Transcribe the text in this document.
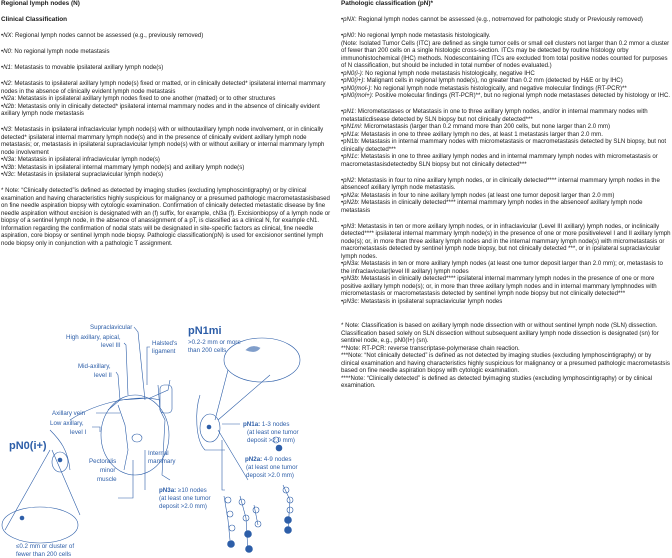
Regional lymph nodes (N)

Clinical Classification

•NX: Regional lymph nodes cannot be assessed (e.g., previously removed)

•N0: No regional lymph node metastasis

•N1: Metastasis to movable ipsilateral axillary lymph node(s)

•N2: Metastasis to ipsilateral axillary lymph node(s) fixed or matted, or in clinically detected* ipsilateral internal mammary nodes in the absence of clinically evident lymph node metastasis

•N2a: Metastasis in ipsilateral axillary lymph nodes fixed to one another (matted) or to other structures

•N2b: Metastasis only in clinically detected* ipsilateral internal mammary nodes and in the absence of clinically evident axillary lymph node metastasis

•N3: Metastasis in ipsilateral infraclavicular lymph node(s) with or withoutaxillary lymph node involvement, or in clinically detected* ipsilateral internal mammary lymph node(s) and in the presence of clinically evident axillary lymph node metastasis; or, metastasis in ipsilateral supraclavicular lymph node(s) with or without axillary or internal mammary lymph node involvement

•N3a: Metastasis in ipsilateral infraclavicular lymph node(s)

•N3b: Metastasis in ipsilateral internal mammary lymph node(s) and axillary lymph node(s)

•N3c: Metastasis in ipsilateral supraclavicular lymph node(s)

* Note: “Clinically detected”is defined as detected by imaging studies (excluding lymphoscintigraphy) or by clinical examination and having characteristics highly suspicious for malignancy or a presumed pathologic macrometastasisbased on fine needle aspiration biopsy with cytologic examination. Confirmation of clinically detected metastatic disease by fine needle aspiration without excision is designated with an (f) suffix, for example, cN3a (f). Excisionbiopsy of a lymph node or biopsy of a sentinel lymph node, in the absence of anassignment of a pT, is classified as a clinical N, for example cN1. Information regarding the confirmation of nodal stats will be designated in site-specific factors as clinical, fine needle aspiration, core biopsy or sentinel lymph node biopsy. Pathologic classification(pN) is used for excisionor sentinel lymph node biopsy only in conjunction with a pathologic T assignment.

Supraclavicular
High axillary, apical,
level III	Halsted's
ligament
Mid-axillary,
level II
Axillary vein
Low axillary,
level I
Internal
mammary
Pectoralis
minor
muscle
pN1mi
>0.2-2 mm or more
than 200 cells
pN0(i+)
≤0.2 mm or cluster of
fewer than 200 cells
pN1a: 1-3 nodes
(at least one tumor
deposit >2.0 mm)
pN2a: 4-9 nodes
(at least one tumor
deposit >2.0 mm)
pN3a: ≥10 nodes
(at least one tumor
deposit >2.0 mm)

Pathologic classification (pN)*

•pNX: Regional lymph nodes cannot be assessed (e.g., notremoved for pathologic study or Previously removed)

•pN0: No regional lymph node metastasis histologically.

(Note: Isolated Tumor Cells (ITC) are defined as single tumor cells or small cell clusters not larger than 0.2 mmor a cluster of fewer than 200 cells on a single histologic cross-section. ITCs may be detected by routine histology orby immunohistochemical (IHC) methods. Nodescontaining ITCs are excluded from total positive nodes counted for purposes of N classification, but should be included in total number of nodes evaluated.)

•pN0(i-): No regional lymph node metastasis histologically, negative IHC

•pN0(i+): Malignant cells in regional lymph node(s), no greater than 0.2 mm (detected by H&E or by IHC)

•pN0(mol-): No regional lymph node metastasis histologically, and negative molecular findings (RT-PCR)**

•pN0(mol+): Positive molecular findings (RT-PCR)**, but no regional lymph node metastases detected by histology or IHC.

•pN1: Micrometastases or Metastasis in one to three axillary lymph nodes, and/or in internal mammary nodes with metastaticdisease detected by SLN biopsy but not clinically detected***

•pN1mi: Micrometastasis (larger than 0.2 mmand more than 200 cells, but none larger than 2.0 mm)

•pN1a: Metastasis in one to three axillary lymph no des, at least 1 metastasis larger than 2.0 mm.

•pN1b: Metastasis in internal mammary nodes with micrometastasis or macrometastasis detected by SLN biopsy, but not clinically detected***

•pN1c: Metastasis in one to three axillary lymph nodes and in internal mammary lymph nodes with micrometastasis or macrometastasisdetectedby SLN biopsy but not clinically detected***

•pN2: Metastasis in four to nine axillary lymph nodes, or in clinically detected**** internal mammary lymph nodes in the absenceof axillary lymph node metastasis.

•pN2a: Metastasis in four to nine axillary lymph nodes (at least one tumor deposit larger than 2.0 mm)

•pN2b: Metastasis in clinically detected**** internal mammary lymph nodes in the absenceof axillary lymph node metastasis

•pN3: Metastasis in ten or more axillary lymph nodes, or in infraclavicular (Level III axillary) lymph nodes, or inclinically detected**** ipsilateral internal mammary lymph node(s) in the presence of one or more positivelevel I and II axillary lymph node(s); or, in more than three axillary lymph nodes and in the internal mammary lymph node(s) with micrometastasis or macrometastasis detected by sentinel lymph node biopsy, but not clinically detected ***, or in ipsilateral supraclavicular lymph nodes.

•pN3a: Metastasis in ten or more axillary lymph nodes (at least one tumor deposit larger than 2.0 mm); or, metastasis to the infraclavicular(level III axillary) lymph nodes

•pN3b: Metastasis in clinically detected**** ipsilateral internal mammary lymph nodes in the presence of one or more positive axillary lymph node(s); or, in more than three axillary lymph nodes and in internal mammary lymphnodes with micrometastasis or macrometastasis detected by sentinel lymph node biopsy but not clinically detected***

•pN3c: Metastasis in ipsilateral supraclavicular lymph nodes

* Note: Classification is based on axillary lymph node dissection with or without sentinel lymph node (SLN) dissection. Classification based solely on SLN dissection without subsequent axillary lymph node dissection is designated (sn) for sentinel node, e.g., pN0(I+) (sn).

**Note: RT-PCR: reverse transcriptase-polymerase chain reaction.

***Note: “Not clinically detected” is defined as not detected by imaging studies (excluding lymphoscintigraphy) or by clinical examination and having characteristics highly suspicious for malignancy or a presumed pathologic macrometastsis based on fine needle aspiration biopsy with cytologic examination.

****Note: “Clinically detected” is defined as detected byimaging studies (excluding lymphoscintigraphy) or by clinical examination.
